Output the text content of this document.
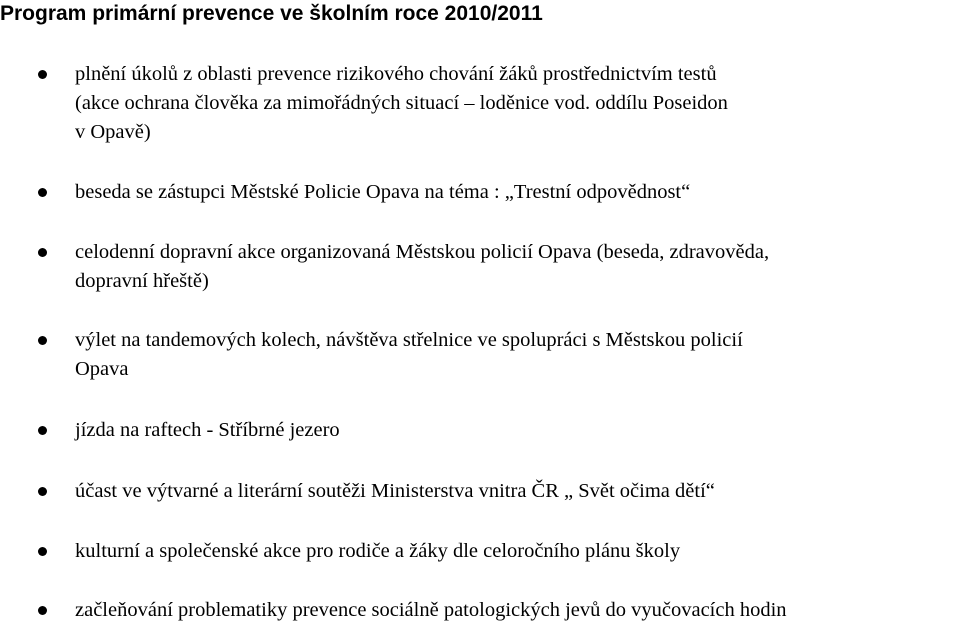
Program primární prevence ve školním roce 2010/2011
plnění úkolů z oblasti prevence rizikového chování žáků prostřednictvím testů
(akce ochrana člověka za mimořádných situací – loděnice vod. oddílu Poseidon
v Opavě)
beseda se zástupci Městské Policie Opava na téma : „Trestní odpovědnost“
celodenní dopravní akce organizovaná Městskou policií Opava (beseda, zdravověda,
dopravní hřeště)
výlet na tandemových kolech, návštěva střelnice ve spolupráci s Městskou policií
Opava
jízda na raftech - Stříbrné jezero
účast ve výtvarné a literární soutěži Ministerstva vnitra ČR „ Svět očima dětí“
kulturní a společenské akce pro rodiče a žáky dle celoročního plánu školy
začleňování problematiky prevence sociálně patologických jevů do vyučovacích hodin
